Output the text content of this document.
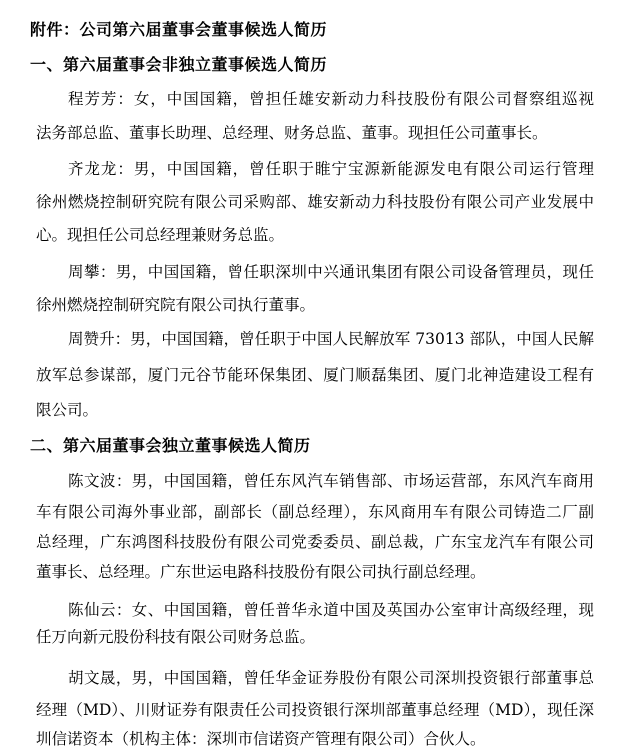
附件：公司第六届董事会董事候选人简历
一、第六届董事会非独立董事候选人简历
程芳芳：女，中国国籍，曾担任雄安新动力科技股份有限公司督察组巡视
法务部总监、董事长助理、总经理、财务总监、董事。现担任公司董事长。
齐龙龙：男，中国国籍，曾任职于睢宁宝源新能源发电有限公司运行管理
徐州燃烧控制研究院有限公司采购部、雄安新动力科技股份有限公司产业发展中
心。现担任公司总经理兼财务总监。
周攀：男，中国国籍，曾任职深圳中兴通讯集团有限公司设备管理员，现任
徐州燃烧控制研究院有限公司执行董事。
周赞升：男，中国国籍，曾任职于中国人民解放军 73013 部队，中国人民解
放军总参谋部，厦门元谷节能环保集团、厦门顺磊集团、厦门北神造建设工程有
限公司。
二、第六届董事会独立董事候选人简历
陈文波：男，中国国籍，曾任东风汽车销售部、市场运营部，东风汽车商用
车有限公司海外事业部，副部长（副总经理），东风商用车有限公司铸造二厂副
总经理，广东鸿图科技股份有限公司党委委员、副总裁，广东宝龙汽车有限公司
董事长、总经理。广东世运电路科技股份有限公司执行副总经理。
陈仙云：女、中国国籍，曾任普华永道中国及英国办公室审计高级经理，现
任万向新元股份科技有限公司财务总监。
胡文晟，男，中国国籍，曾任华金证券股份有限公司深圳投资银行部董事总
经理（MD）、川财证券有限责任公司投资银行深圳部董事总经理（MD），现任深
圳信诺资本（机构主体：深圳市信诺资产管理有限公司）合伙人。
